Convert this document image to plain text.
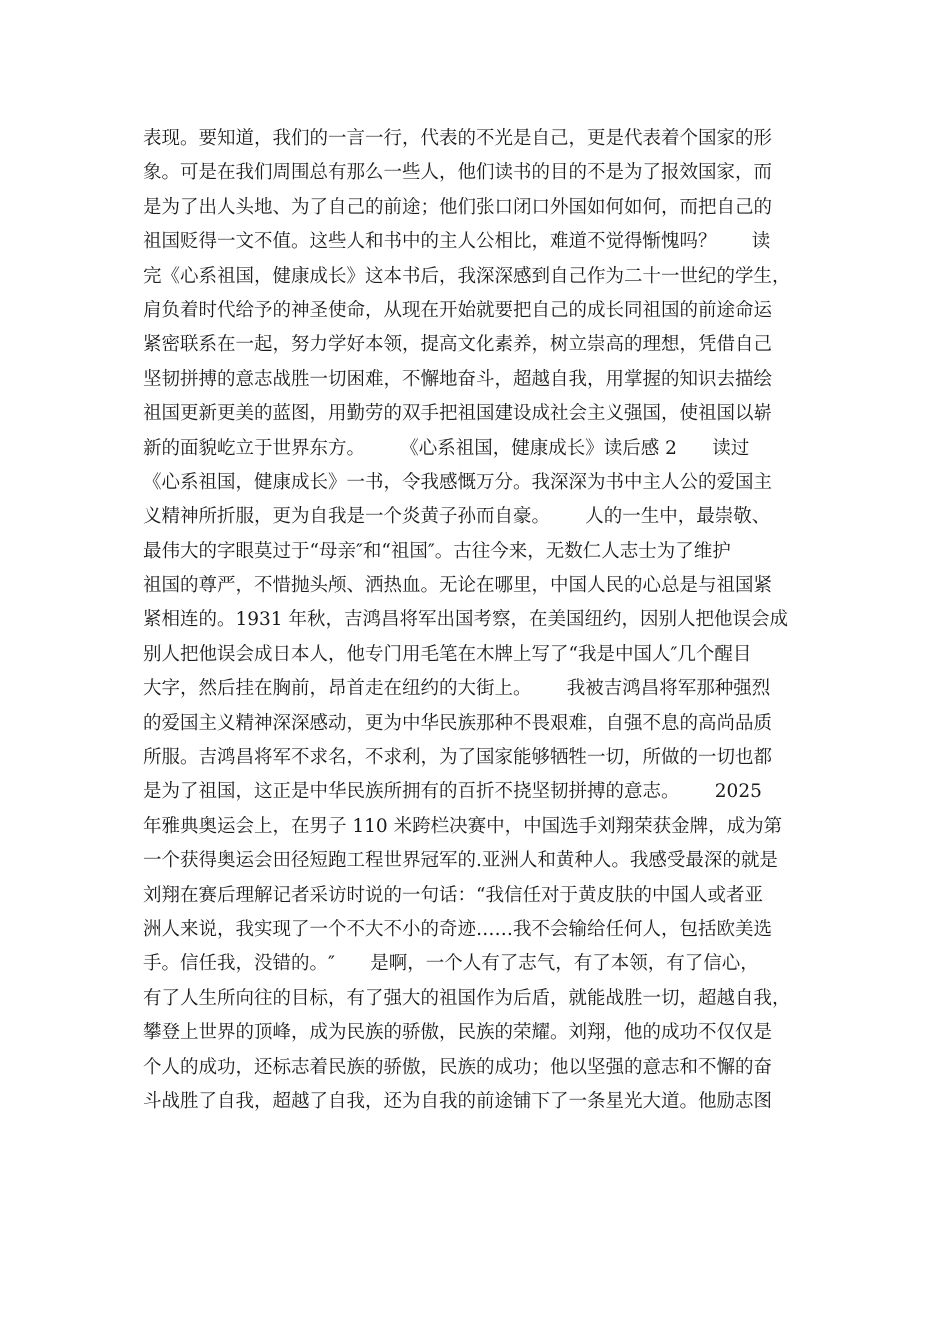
表现。要知道，我们的一言一行，代表的不光是自己，更是代表着个国家的形
象。可是在我们周围总有那么一些人，他们读书的目的不是为了报效国家，而
是为了出人头地、为了自己的前途；他们张口闭口外国如何如何，而把自己的
祖国贬得一文不值。这些人和书中的主人公相比，难道不觉得惭愧吗？      读
完《心系祖国，健康成长》这本书后，我深深感到自己作为二十一世纪的学生，
肩负着时代给予的神圣使命，从现在开始就要把自己的成长同祖国的前途命运
紧密联系在一起，努力学好本领，提高文化素养，树立崇高的理想，凭借自己
坚韧拼搏的意志战胜一切困难，不懈地奋斗，超越自我，用掌握的知识去描绘
祖国更新更美的蓝图，用勤劳的双手把祖国建设成社会主义强国，使祖国以崭
新的面貌屹立于世界东方。      《心系祖国，健康成长》读后感 2      读过
《心系祖国，健康成长》一书，令我感慨万分。我深深为书中主人公的爱国主
义精神所折服，更为自我是一个炎黄子孙而自豪。      人的一生中，最崇敬、
最伟大的字眼莫过于“母亲″和“祖国″。古往今来，无数仁人志士为了维护
祖国的尊严，不惜抛头颅、洒热血。无论在哪里，中国人民的心总是与祖国紧
紧相连的。1931 年秋，吉鸿昌将军出国考察，在美国纽约，因别人把他误会成
别人把他误会成日本人，他专门用毛笔在木牌上写了“我是中国人″几个醒目
大字，然后挂在胸前，昂首走在纽约的大街上。      我被吉鸿昌将军那种强烈
的爱国主义精神深深感动，更为中华民族那种不畏艰难，自强不息的高尚品质
所服。吉鸿昌将军不求名，不求利，为了国家能够牺牲一切，所做的一切也都
是为了祖国，这正是中华民族所拥有的百折不挠坚韧拼搏的意志。      2025
年雅典奥运会上，在男子 110 米跨栏决赛中，中国选手刘翔荣获金牌，成为第
一个获得奥运会田径短跑工程世界冠军的.亚洲人和黄种人。我感受最深的就是
刘翔在赛后理解记者采访时说的一句话：“我信任对于黄皮肤的中国人或者亚
洲人来说，我实现了一个不大不小的奇迹……我不会输给任何人，包括欧美选
手。信任我，没错的。″      是啊，一个人有了志气，有了本领，有了信心，
有了人生所向往的目标，有了强大的祖国作为后盾，就能战胜一切，超越自我，
攀登上世界的顶峰，成为民族的骄傲，民族的荣耀。刘翔，他的成功不仅仅是
个人的成功，还标志着民族的骄傲，民族的成功；他以坚强的意志和不懈的奋
斗战胜了自我，超越了自我，还为自我的前途铺下了一条星光大道。他励志图
